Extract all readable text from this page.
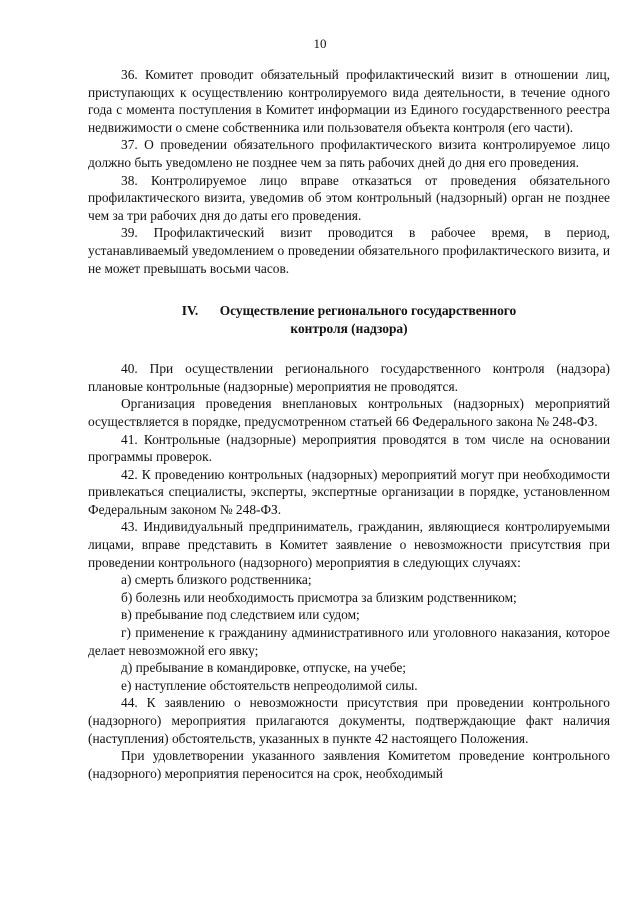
10

36. Комитет проводит обязательный профилактический визит в отношении лиц, приступающих к осуществлению контролируемого вида деятельности, в течение одного года с момента поступления в Комитет информации из Единого государственного реестра недвижимости о смене собственника или пользователя объекта контроля (его части).

37. О проведении обязательного профилактического визита контролируемое лицо должно быть уведомлено не позднее чем за пять рабочих дней до дня его проведения.

38. Контролируемое лицо вправе отказаться от проведения обязательного профилактического визита, уведомив об этом контрольный (надзорный) орган не позднее чем за три рабочих дня до даты его проведения.

39. Профилактический визит проводится в рабочее время, в период, устанавливаемый уведомлением о проведении обязательного профилактического визита, и не может превышать восьми часов.

IV. Осуществление регионального государственного
контроля (надзора)

40. При осуществлении регионального государственного контроля (надзора) плановые контрольные (надзорные) мероприятия не проводятся.

Организация проведения внеплановых контрольных (надзорных) мероприятий осуществляется в порядке, предусмотренном статьей 66 Федерального закона № 248-ФЗ.

41. Контрольные (надзорные) мероприятия проводятся в том числе на основании программы проверок.

42. К проведению контрольных (надзорных) мероприятий могут при необходимости привлекаться специалисты, эксперты, экспертные организации в порядке, установленном Федеральным законом № 248-ФЗ.

43. Индивидуальный предприниматель, гражданин, являющиеся контролируемыми лицами, вправе представить в Комитет заявление о невозможности присутствия при проведении контрольного (надзорного) мероприятия в следующих случаях:

а) смерть близкого родственника;

б) болезнь или необходимость присмотра за близким родственником;

в) пребывание под следствием или судом;

г) применение к гражданину административного или уголовного наказания, которое делает невозможной его явку;

д) пребывание в командировке, отпуске, на учебе;

е) наступление обстоятельств непреодолимой силы.

44. К заявлению о невозможности присутствия при проведении контрольного (надзорного) мероприятия прилагаются документы, подтверждающие факт наличия (наступления) обстоятельств, указанных в пункте 42 настоящего Положения.

При удовлетворении указанного заявления Комитетом проведение контрольного (надзорного) мероприятия переносится на срок, необходимый
